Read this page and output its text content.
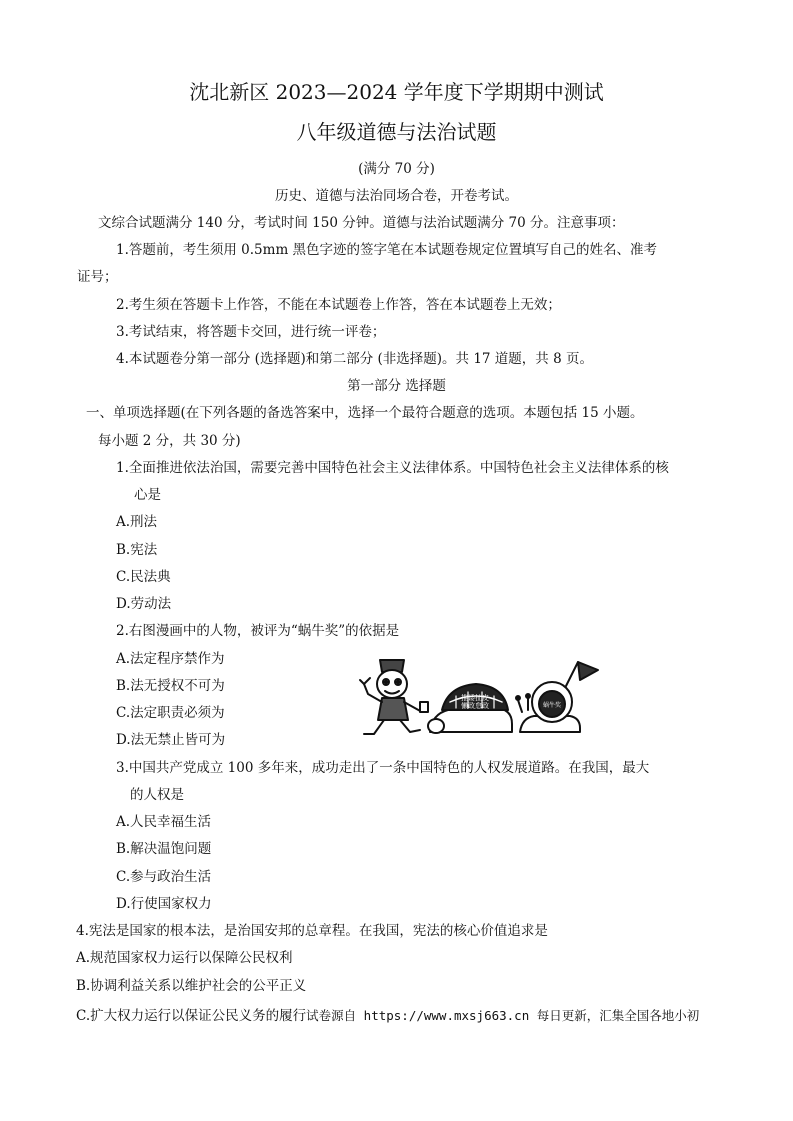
沈北新区 2023—2024 学年度下学期期中测试
八年级道德与法治试题
(满分 70 分)
历史、道德与法治同场合卷，开卷考试。
文综合试题满分 140 分，考试时间 150 分钟。道德与法治试题满分 70 分。注意事项：
1.答题前，考生须用 0.5mm 黑色字迹的签字笔在本试题卷规定位置填写自己的姓名、准考
证号；
2.考生须在答题卡上作答，不能在本试题卷上作答，答在本试题卷上无效；
3.考试结束，将答题卡交回，进行统一评卷；
4.本试题卷分第一部分 (选择题)和第二部分 (非选择题)。共 17 道题，共 8 页。
第一部分 选择题
一、单项选择题(在下列各题的备选答案中，选择一个最符合题意的选项。本题包括 15 小题。
每小题 2 分，共 30 分)
1.全面推进依法治国，需要完善中国特色社会主义法律体系。中国特色社会主义法律体系的核
心是
A.刑法
B.宪法
C.民法典
D.劳动法
2.右图漫画中的人物，被评为“蜗牛奖”的依据是
A.法定程序禁作为
B.法无授权不可为
C.法定职责必须为
D.法无禁止皆可为
推诿扯皮
懒政怠政	蜗牛奖
3.中国共产党成立 100 多年来，成功走出了一条中国特色的人权发展道路。在我国，最大
的人权是
A.人民幸福生活
B.解决温饱问题
C.参与政治生活
D.行使国家权力
4.宪法是国家的根本法，是治国安邦的总章程。在我国，宪法的核心价值追求是
A.规范国家权力运行以保障公民权利
B.协调利益关系以维护社会的公平正义
C.扩大权力运行以保证公民义务的履行试卷源自 https://www.mxsj663.cn 每日更新，汇集全国各地小初
